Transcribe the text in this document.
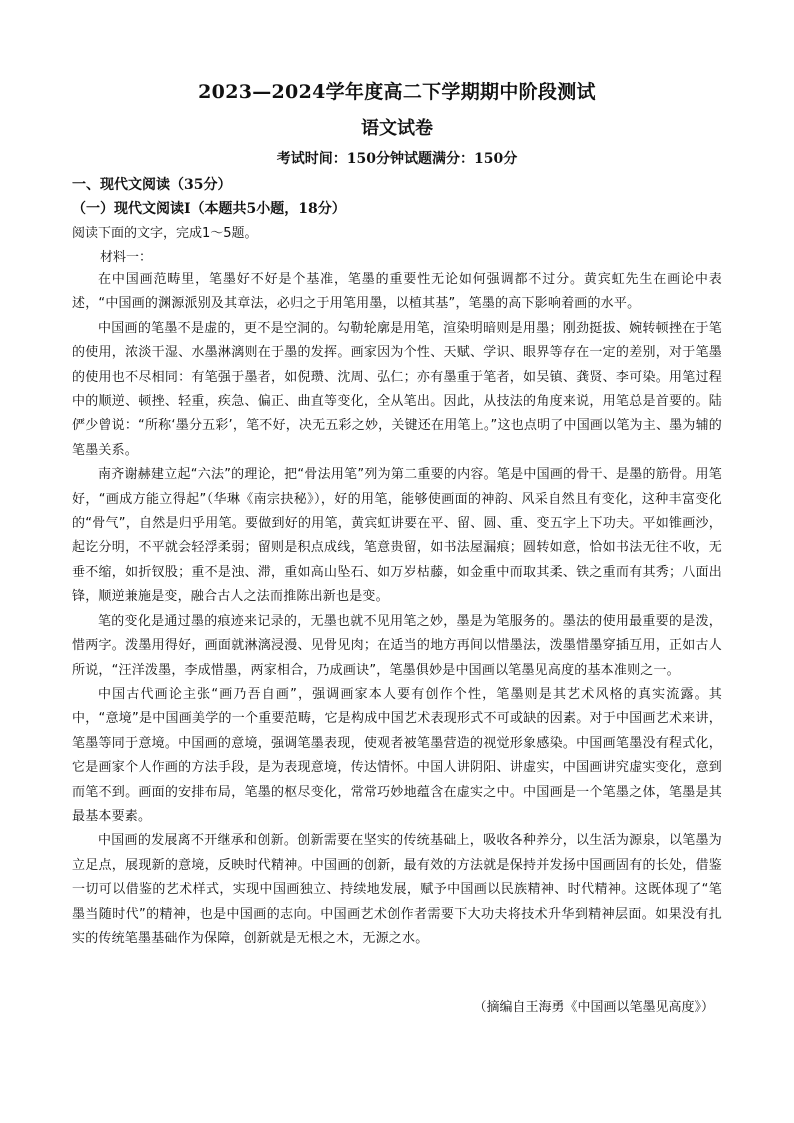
2023—2024学年度高二下学期期中阶段测试
语文试卷
考试时间：150分钟试题满分：150分
一、现代文阅读（35分）
（一）现代文阅读Ⅰ（本题共5小题，18分）
阅读下面的文字，完成1～5题。
材料一：

在中国画范畴里，笔墨好不好是个基准，笔墨的重要性无论如何强调都不过分。黄宾虹先生在画论中表述，“中国画的渊源派别及其章法，必归之于用笔用墨，以植其基”，笔墨的高下影响着画的水平。

中国画的笔墨不是虚的，更不是空洞的。勾勒轮廓是用笔，渲染明暗则是用墨；刚劲挺拔、婉转顿挫在于笔的使用，浓淡干湿、水墨淋漓则在于墨的发挥。画家因为个性、天赋、学识、眼界等存在一定的差别，对于笔墨的使用也不尽相同：有笔强于墨者，如倪瓒、沈周、弘仁；亦有墨重于笔者，如吴镇、龚贤、李可染。用笔过程中的顺逆、顿挫、轻重，疾急、偏正、曲直等变化，全从笔出。因此，从技法的角度来说，用笔总是首要的。陆俨少曾说：“所称‘墨分五彩’，笔不好，决无五彩之妙，关键还在用笔上。”这也点明了中国画以笔为主、墨为辅的笔墨关系。

南齐谢赫建立起“六法”的理论，把“骨法用笔”列为第二重要的内容。笔是中国画的骨干、是墨的筋骨。用笔好，“画成方能立得起”（华琳《南宗抉秘》），好的用笔，能够使画面的神韵、风采自然且有变化，这种丰富变化的“骨气”，自然是归乎用笔。要做到好的用笔，黄宾虹讲要在平、留、圆、重、变五字上下功夫。平如锥画沙，起讫分明，不平就会轻浮柔弱；留则是积点成线，笔意贵留，如书法屋漏痕；圆转如意，恰如书法无往不收，无垂不缩，如折钗股；重不是浊、滞，重如高山坠石、如万岁枯藤，如金重中而取其柔、铁之重而有其秀；八面出锋，顺逆兼施是变，融合古人之法而推陈出新也是变。

笔的变化是通过墨的痕迹来记录的，无墨也就不见用笔之妙，墨是为笔服务的。墨法的使用最重要的是泼，惜两字。泼墨用得好，画面就淋漓浸漫、见骨见肉；在适当的地方再间以惜墨法，泼墨惜墨穿插互用，正如古人所说，“汪洋泼墨，李成惜墨，两家相合，乃成画诀”，笔墨俱妙是中国画以笔墨见高度的基本准则之一。

中国古代画论主张“画乃吾自画”，强调画家本人要有创作个性，笔墨则是其艺术风格的真实流露。其中，“意境”是中国画美学的一个重要范畴，它是构成中国艺术表现形式不可或缺的因素。对于中国画艺术来讲，笔墨等同于意境。中国画的意境，强调笔墨表现，使观者被笔墨营造的视觉形象感染。中国画笔墨没有程式化，它是画家个人作画的方法手段，是为表现意境，传达情怀。中国人讲阴阳、讲虚实，中国画讲究虚实变化，意到而笔不到。画面的安排布局，笔墨的枢尽变化，常常巧妙地蕴含在虚实之中。中国画是一个笔墨之体，笔墨是其最基本要素。

中国画的发展离不开继承和创新。创新需要在坚实的传统基础上，吸收各种养分，以生活为源泉，以笔墨为立足点，展现新的意境，反映时代精神。中国画的创新，最有效的方法就是保持并发扬中国画固有的长处，借鉴一切可以借鉴的艺术样式，实现中国画独立、持续地发展，赋予中国画以民族精神、时代精神。这既体现了“笔墨当随时代”的精神，也是中国画的志向。中国画艺术创作者需要下大功夫将技术升华到精神层面。如果没有扎实的传统笔墨基础作为保障，创新就是无根之木，无源之水。

（摘编自王海勇《中国画以笔墨见高度》）
